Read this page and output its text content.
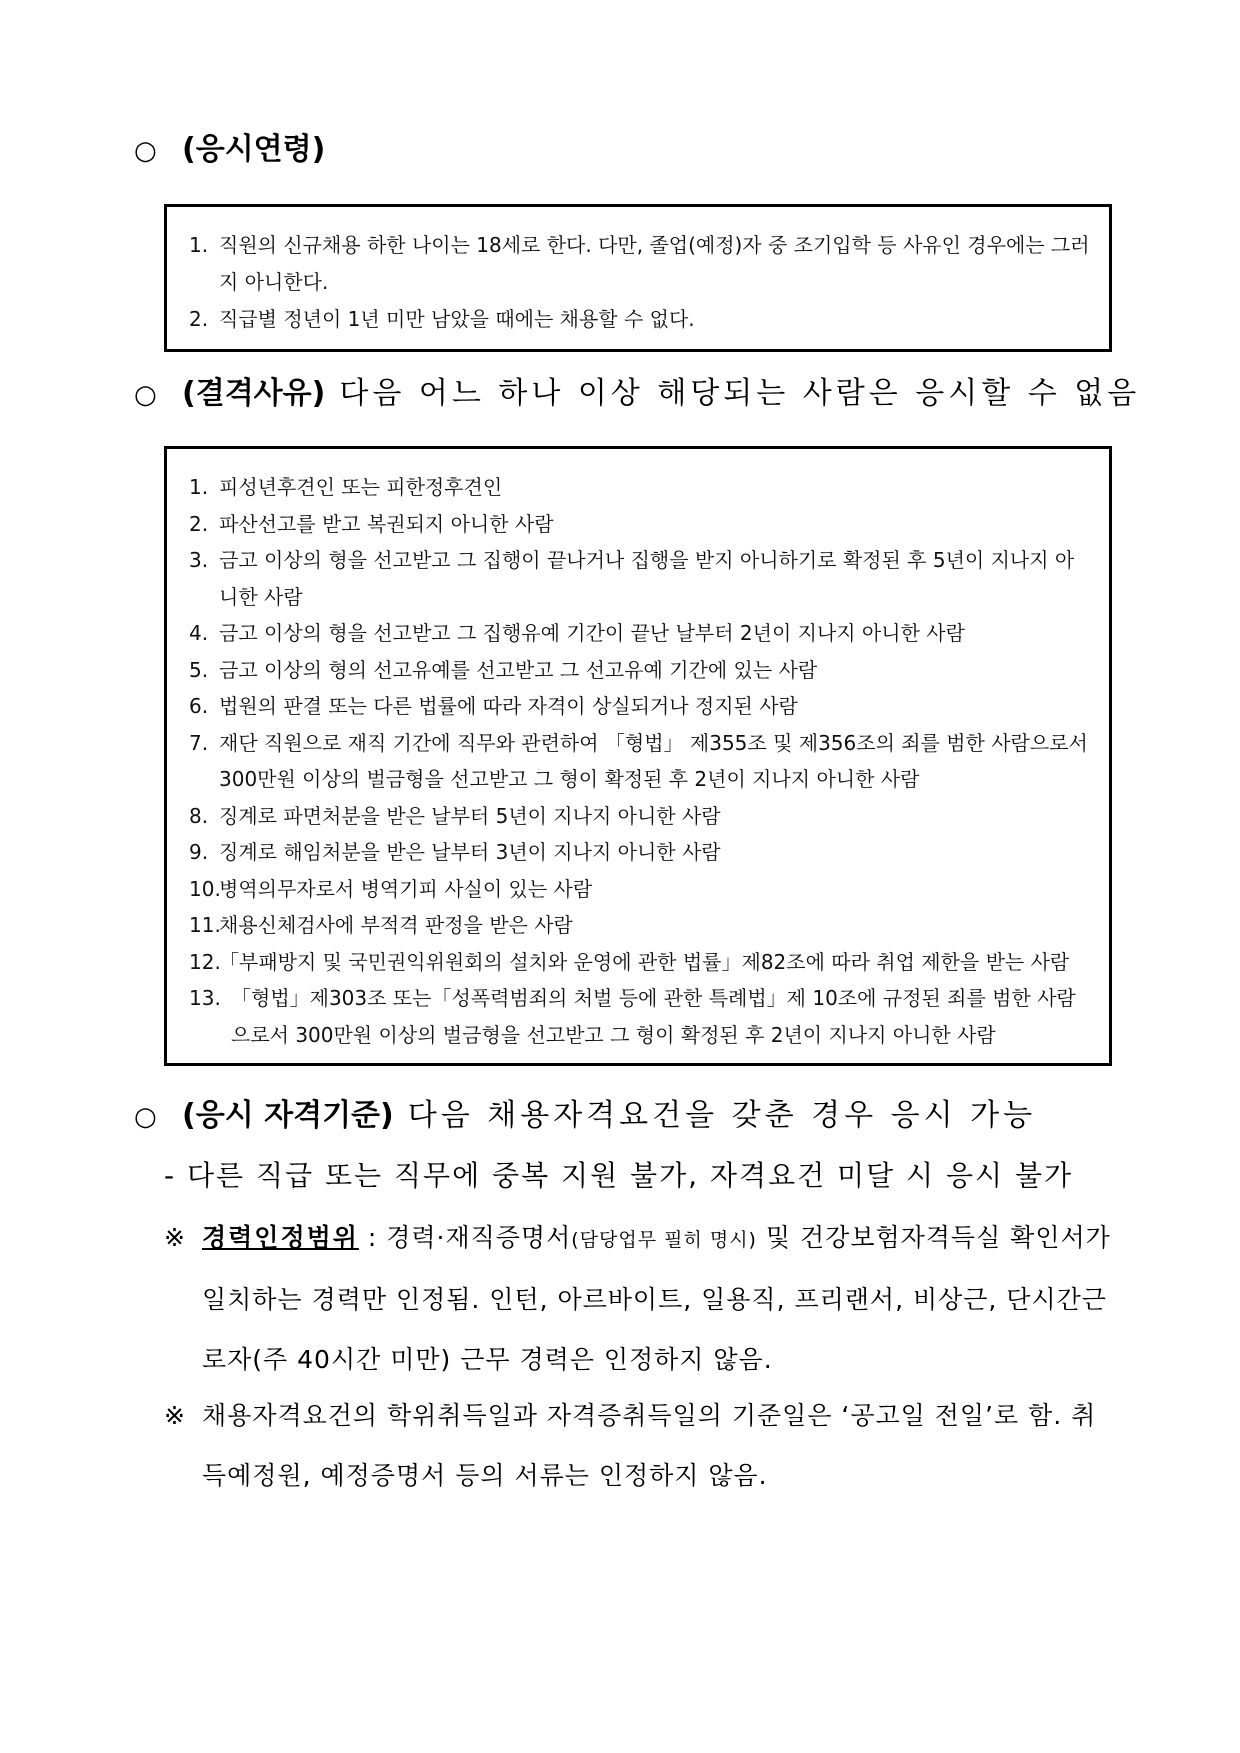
○ (응시연령)
1. 직원의 신규채용 하한 나이는 18세로 한다. 다만, 졸업(예정)자 중 조기입학 등 사유인 경우에는 그러지 아니한다.
2. 직급별 정년이 1년 미만 남았을 때에는 채용할 수 없다.
○ (결격사유) 다음 어느 하나 이상 해당되는 사람은 응시할 수 없음
1. 피성년후견인 또는 피한정후견인
2. 파산선고를 받고 복권되지 아니한 사람
3. 금고 이상의 형을 선고받고 그 집행이 끝나거나 집행을 받지 아니하기로 확정된 후 5년이 지나지 아니한 사람
4. 금고 이상의 형을 선고받고 그 집행유예 기간이 끝난 날부터 2년이 지나지 아니한 사람
5. 금고 이상의 형의 선고유예를 선고받고 그 선고유예 기간에 있는 사람
6. 법원의 판결 또는 다른 법률에 따라 자격이 상실되거나 정지된 사람
7. 재단 직원으로 재직 기간에 직무와 관련하여 「형법」 제355조 및 제356조의 죄를 범한 사람으로서 300만원 이상의 벌금형을 선고받고 그 형이 확정된 후 2년이 지나지 아니한 사람
8. 징계로 파면처분을 받은 날부터 5년이 지나지 아니한 사람
9. 징계로 해임처분을 받은 날부터 3년이 지나지 아니한 사람
10.
병역의무자로서 병역기피 사실이 있는 사람
11.
채용신체검사에 부적격 판정을 받은 사람
12.
「부패방지 및 국민권익위원회의 설치와 운영에 관한 법률」제82조에 따라 취업 제한을 받는 사람
13. 「형법」제303조 또는「성폭력범죄의 처벌 등에 관한 특례법」제 10조에 규정된 죄를 범한 사람으로서 300만원 이상의 벌금형을 선고받고 그 형이 확정된 후 2년이 지나지 아니한 사람
○ (응시 자격기준) 다음 채용자격요건을 갖춘 경우 응시 가능
- 다른 직급 또는 직무에 중복 지원 불가, 자격요건 미달 시 응시 불가
※ 경력인정범위 : 경력·재직증명서(담당업무 필히 명시) 및 건강보험자격득실 확인서가 일치하는 경력만 인정됨. 인턴, 아르바이트, 일용직, 프리랜서, 비상근, 단시간근로자(주 40시간 미만) 근무 경력은 인정하지 않음.
※ 채용자격요건의 학위취득일과 자격증취득일의 기준일은 ‘공고일 전일’로 함. 취득예정원, 예정증명서 등의 서류는 인정하지 않음.
